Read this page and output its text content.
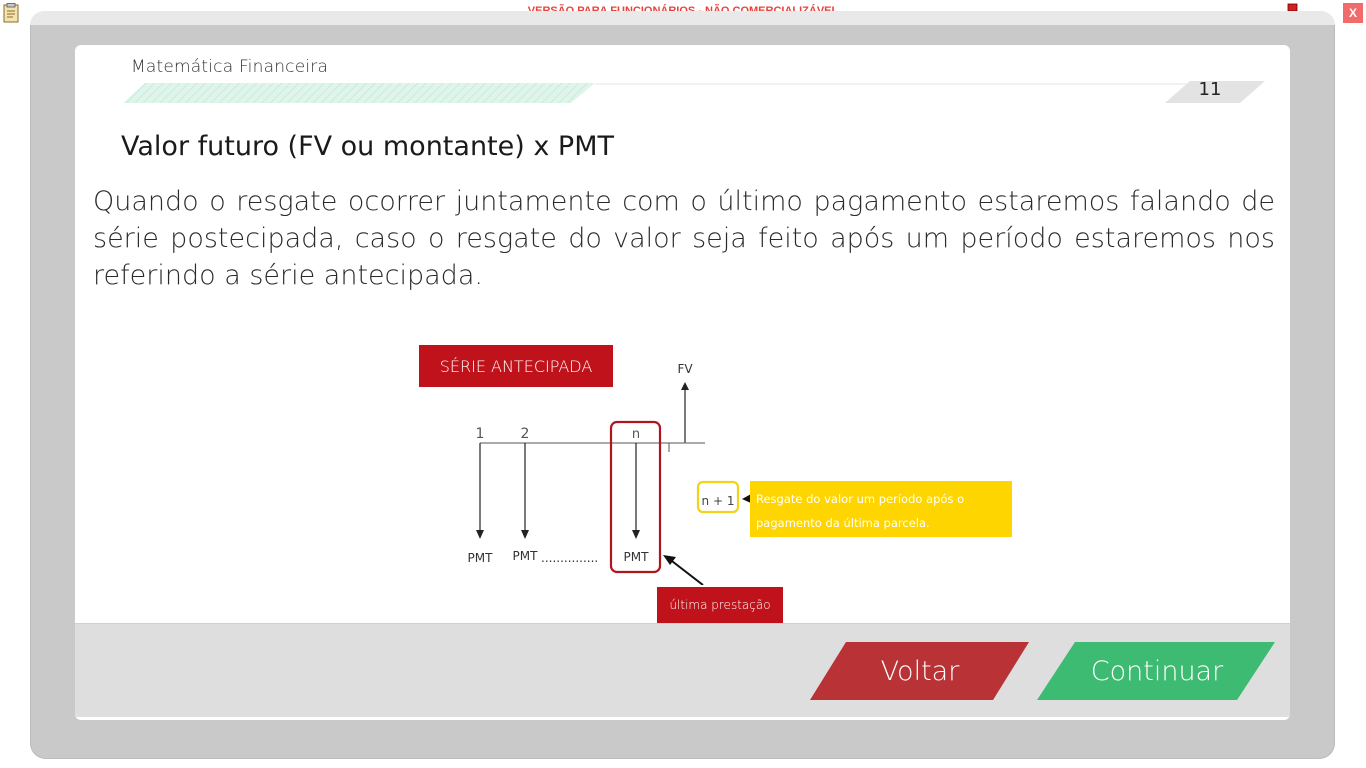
X
Matemática Financeira
11
Valor futuro (FV ou montante) x PMT
Quando o resgate ocorrer juntamente com o último pagamento estaremos falando de série postecipada, caso o resgate do valor seja feito após um período estaremos nos referindo a série antecipada.
SÉRIE ANTECIPADA	FV
1	2	n
PMT PMT ............... PMT
n + 1 Resgate do valor um período após o
pagamento da última parcela.
última prestação
Voltar	Continuar
